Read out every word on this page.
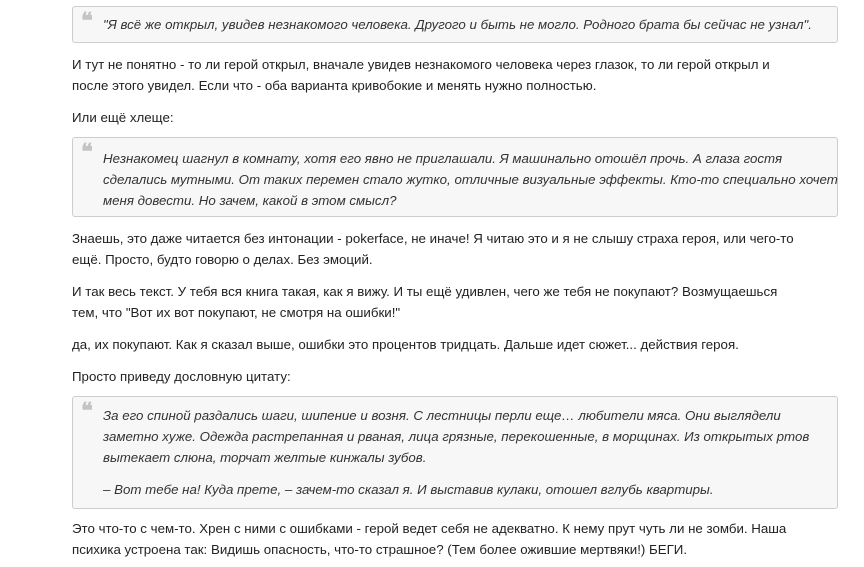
❝ "Я всё же открыл, увидев незнакомого человека. Другого и быть не могло. Родного брата бы сейчас не узнал".
И тут не понятно - то ли герой открыл, вначале увидев незнакомого человека через глазок, то ли герой открыл и
после этого увидел. Если что - оба варианта кривобокие и менять нужно полностью.
Или ещё хлеще:
❝ Незнакомец шагнул в комнату, хотя его явно не приглашали. Я машинально отошёл прочь. А глаза гостя
сделались мутными. От таких перемен стало жутко, отличные визуальные эффекты. Кто-то специально хочет
меня довести. Но зачем, какой в этом смысл?
Знаешь, это даже читается без интонации - pokerface, не иначе! Я читаю это и я не слышу страха героя, или чего-то
ещё. Просто, будто говорю о делах. Без эмоций.
И так весь текст. У тебя вся книга такая, как я вижу. И ты ещё удивлен, чего же тебя не покупают? Возмущаешься
тем, что "Вот их вот покупают, не смотря на ошибки!"
да, их покупают. Как я сказал выше, ошибки это процентов тридцать. Дальше идет сюжет... действия героя.
Просто приведу дословную цитату:
❝ За его спиной раздались шаги, шипение и возня. С лестницы перли еще… любители мяса. Они выглядели
заметно хуже. Одежда растрепанная и рваная, лица грязные, перекошенные, в морщинах. Из открытых ртов
вытекает слюна, торчат желтые кинжалы зубов.
– Вот тебе на! Куда прете, – зачем-то сказал я. И выставив кулаки, отошел вглубь квартиры.
Это что-то с чем-то. Хрен с ними с ошибками - герой ведет себя не адекватно. К нему прут чуть ли не зомби. Наша
психика устроена так: Видишь опасность, что-то страшное? (Тем более ожившие мертвяки!) БЕГИ.
